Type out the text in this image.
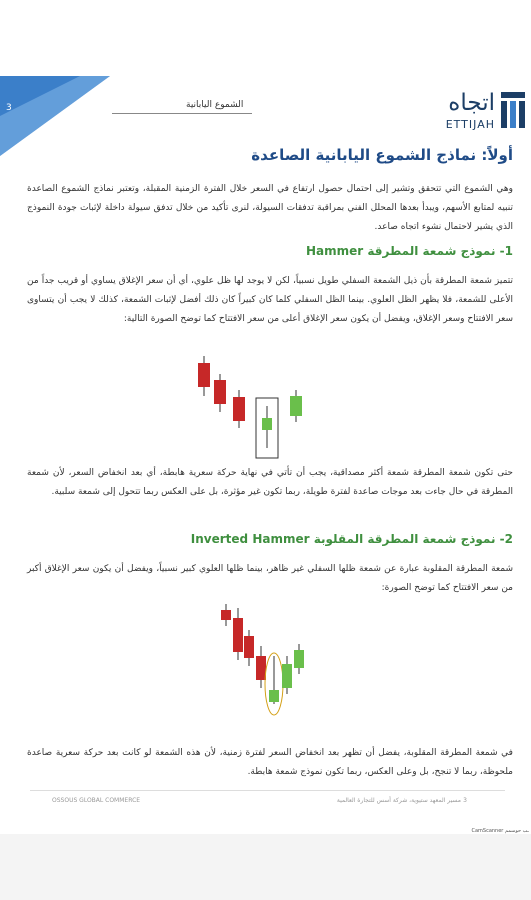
3	الشموع اليابانية	اتجاه
ETTIJAH
أولاً: نماذج الشموع اليابانية الصاعدة
وهي الشموع التي تتحقق وتشير إلى احتمال حصول ارتفاع في السعر خلال الفترة الزمنية المقبلة، وتعتبر نماذج الشموع الصاعدة تنبيه لمتابع الأسهم، ويبدأ بعدها المحلل الفني بمراقبة تدفقات السيولة، لنرى تأكيد من خلال تدفق سيولة داخلة لإثبات جودة النموذج الذي يشير لاحتمال نشوء اتجاه صاعد.
1- نموذج شمعة المطرقة Hammer
تتميز شمعة المطرقة بأن ذيل الشمعة السفلي طويل نسبياً، لكن لا يوجد لها ظل علوي، أي أن سعر الإغلاق يساوي أو قريب جداً من الأعلى للشمعة، فلا يظهر الظل العلوي. بينما الظل السفلي كلما كان كبيراً كان ذلك أفضل لإثبات الشمعة، كذلك لا يجب أن يتساوى سعر الافتتاح وسعر الإغلاق، ويفضل أن يكون سعر الإغلاق أعلى من سعر الافتتاح كما توضح الصورة التالية:
حتى تكون شمعة المطرقة شمعة أكثر مصداقية، يجب أن تأتي في نهاية حركة سعرية هابطة، أي بعد انخفاض السعر، لأن شمعة المطرقة في حال جاءت بعد موجات صاعدة لفترة طويلة، ربما تكون غير مؤثرة، بل على العكس ربما تتحول إلى شمعة سلبية.
2- نموذج شمعة المطرقة المقلوبة Inverted Hammer
شمعة المطرقة المقلوبة عبارة عن شمعة ظلها السفلي غير ظاهر، بينما ظلها العلوي كبير نسبياً، ويفضل أن يكون سعر الإغلاق أكبر من سعر الافتتاح كما توضح الصورة:
في شمعة المطرقة المقلوبة، يفضل أن تظهر بعد انخفاض السعر لفترة زمنية، لأن هذه الشمعة لو كانت بعد حركة سعرية صاعدة ملحوظة، ربما لا تنجح، بل وعلى العكس، ربما تكون نموذج شمعة هابطة.
OSSOUS GLOBAL COMMERCE	مسير المعهد ستيوية، شركة أسس للتجارة العالمية 3
CamScanner ـب حوسمم
